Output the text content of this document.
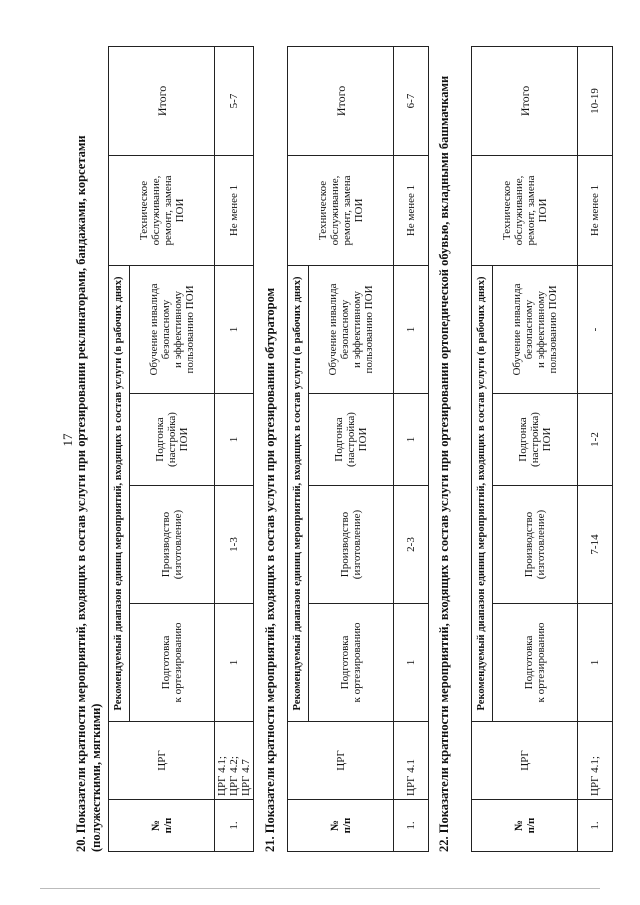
17 20. Показатели кратности мероприятий, входящих в состав услуги при ортезировании реклинаторами, бандажами, корсетами (полужесткими, мягкими)	№
п/п	ЦРГ	Рекомендуемый диапазон единиц мероприятий, входящих в состав услуги (в рабочих днях)				Техническое
обслуживание,
ремонт, замена
ПОИ	Итого
		Подготовка
к ортезированию	Производство
(изготовление)	Подгонка
(настройка)
ПОИ	Обучение инвалида
безопасному
и эффективному
пользованию ПОИ		
1.	ЦРГ 4.1;
ЦРГ 4.2;
ЦРГ 4.7	1	1-3	1	1	Не менее 1	5-7
21. Показатели кратности мероприятий, входящих в состав услуги при ортезировании обтуратором	№
п/п	ЦРГ	Рекомендуемый диапазон единиц мероприятий, входящих в состав услуги (в рабочих днях)				Техническое
обслуживание,
ремонт, замена
ПОИ	Итого
		Подготовка
к ортезированию	Производство
(изготовление)	Подгонка
(настройка)
ПОИ	Обучение инвалида
безопасному
и эффективному
пользованию ПОИ		
1.	ЦРГ 4.1	1	2-3	1	1	Не менее 1	6-7 22. Показатели кратности мероприятий, входящих в состав услуги при ортезировании ортопедической обувью, вкладными башмачками	№
п/п	ЦРГ	Рекомендуемый диапазон единиц мероприятий, входящих в состав услуги (в рабочих днях)				Техническое
обслуживание,
ремонт, замена
ПОИ	Итого
		Подготовка
к ортезированию	Производство
(изготовление)	Подгонка
(настройка)
ПОИ	Обучение инвалида
безопасному
и эффективному
пользованию ПОИ		
1.	ЦРГ 4.1;	1	7-14	1-2	-	Не менее 1	10-19
